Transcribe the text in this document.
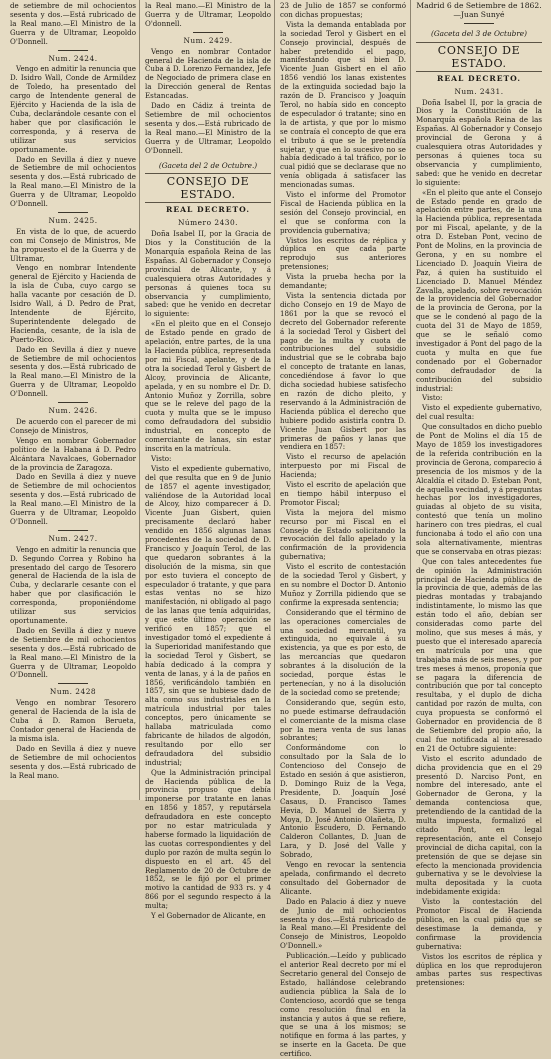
de setiembre de mil ochocientos sesenta y dos.—Está rubricado de la Real mano.—El Ministro de la Guerra y de Ultramar, Leopoldo O'Donnell.

Num. 2424.

Vengo en admitir la renuncia que D. Isidro Wall, Conde de Armildez de Toledo, ha presentado del cargo de Intendente general de Ejército y Hacienda de la isla de Cuba, declarándole cesante con el haber que por clasificación le corresponda, y á reserva de utilizar sus servicios oportunamente.

Dado en Sevilla á diez y nueve de Setiembre de mil ochocientos sesenta y dos.—Está rubricado de la Real mano.—El Ministro de la Guerra y de Ultramar, Leopoldo O'Donnell.

Num. 2425.

En vista de lo que, de acuerdo con mi Consejo de Ministros, Me ha propuesto el de la Guerra y de Ultramar,

Vengo en nombrar Intendente general de Ejército y Hacienda de la isla de Cuba, cuyo cargo se halla vacante por cesación de D. Isidro Wall, á D. Pedro de Prat, Intendente de Ejército, Superintendente delegado de Hacienda, cesante, de la isla de Puerto-Rico.

Dado en Sevilla á diez y nueve de Setiembre de mil ochocientos sesenta y dos.—Está rubricado de la Real mano.—El Ministro de la Guerra y de Ultramar, Leopoldo O'Donnell.

Num. 2426.

De acuerdo con el parecer de mi Consejo de Ministros,

Vengo en nombrar Gobernador político de la Habana á D. Pedro Alcántara Navalcaes, Gobernador de la provincia de Zaragoza.

Dado en Sevilla á diez y nueve de Setiembre de mil ochocientos sesenta y dos.—Está rubricado de la Real mano.—El Ministro de la Guerra y de Ultramar, Leopoldo O'Donnell.

Num. 2427.

Vengo en admitir la renuncia que D. Segundo Correa y Robino ha presentado del cargo de Tesorero general de Hacienda de la isla de Cuba, y declararle cesante con el haber que por clasificación le corresponda, proponiéndome utilizar sus servicios oportunamente.

Dado en Sevilla á diez y nueve de Setiembre de mil ochocientos sesenta y dos.—Está rubricado de la Real mano.—El Ministro de la Guerra y de Ultramar, Leopoldo O'Donnell.

Num. 2428

Vengo en nombrar Tesorero general de Hacienda de la isla de Cuba á D. Ramon Berueta, Contador general de Hacienda de la misma isla.

Dado en Sevilla á diez y nueve de Setiembre de mil ochocientos sesenta y dos.—Está rubricado de la Real mano.

la Real mano.—El Ministro de la Guerra y de Ultramar, Leopoldo O'donnell.

Num. 2429.

Vengo en nombrar Contador general de Hacienda de la isla de Cuba á D. Lorenzo Fernandez, Jefe de Negociado de primera clase en la Dirección general de Rentas Estancadas.

Dado en Cádiz á treinta de Setiembre de mil ochocientos sesenta y dos.—Está rubricado de la Real mano.—El Ministro de la Guerra y de Ultramar, Leopoldo O'Donnell.

(Gaceta del 2 de Octubre.)
CONSEJO DE ESTADO.
REAL DECRETO.
Número 2430.

Doña Isabel II, por la Gracia de Dios y la Constitución de la Monarquía española Reina de las Españas. Al Gobernador y Consejo provincial de Alicante, y á cualesquiera otras Autoridades y personas á quienes toca su observancia y cumplimiento, sabed: que he venido en decretar lo siguiente:

«En el pleito que en el Consejo de Estado pende en grado de apelación, entre partes, de la una la Hacienda pública, representada por mi Fiscal, apelante, y de la otra la sociedad Terol y Gisbert de Alcoy, provincia de Alicante, apelada, y en su nombre el Dr. D. Antonio Muñoz y Zorrilla, sobre que se le releve del pago de la cuota y multa que se le impuso como defraudadora del subsidio industrial, en concepto de comerciante de lanas, sin estar inscrita en la matrícula.

Visto:

Visto el expediente gubernativo, del que resulta que en 9 de Junio de 1857 el agente investigador, valiéndose de la Autoridad local de Alcoy, hizo comparecer á D. Vicente Juan Gisbert, quien precisamente declaró haber vendido en 1856 algunas lanas procedentes de la sociedad de D. Francisco y Joaquín Terol, de las que quedaron sobrantes á la disolución de la misma, sin que por esto tuviera el concepto de especulador ó tratante, y que para estas ventas no se hizo manifestación, ni obligado al pago de las lanas que tenía adquiridas, y que este último operación se verificó en 1857; que el investigador tomó el expediente á la Superioridad manifestando que la sociedad Terol y Gisbert, se había dedicado á la compra y venta de lanas, y á la de paños en 1856, verificándolo también en 1857, sin que se hubiese dado de alta como sus industriales en la matrícula industrial por tales conceptos, pero únicamente se hallaba matriculada como fabricante de hilados de algodón, resultando por ello ser defraudadora del subsidio industrial;

Que la Administración principal de Hacienda pública de la provincia propuso que debía imponerse por tratante en lanas en 1856 y 1857, y reputársela defraudadora en este concepto por no estar matriculada y haberse formado la liquidación de las cuotas correspondientes y del duplo por razón de multa según lo dispuesto en el art. 45 del Reglamento de 20 de Octubre de 1852, se le fijó por el primer motivo la cantidad de 933 rs. y 4 866 por el segundo respecto á la multa;

Y el Gobernador de Alicante, en

23 de Julio de 1857 se conformó con dichas propuestas;

Vista la demanda entablada por la sociedad Terol y Gisbert en el Consejo provincial, después de haber pretendido el pago, manifestando que si bien D. Vicente Juan Gisbert en el año 1856 vendió los lanas existentes de la extinguida sociedad bajo la razón de D. Francisco y Joaquín Terol, no había sido en concepto de especulador ó tratante; sino en la de artista, y que por lo mismo se contraía el concepto de que era el tributo á que se le pretendía sujetar, y que en lo sucesivo no se había dedicado á tal tráfico, por lo cual pidió que se declarase que no venía obligada á satisfacer las mencionadas sumas.

Visto el informe del Promotor Fiscal de Hacienda pública en la sesión del Consejo provincial, en el que se conforma con la providencia gubernativa;

Vistos los escritos de réplica y dúplica en que cada parte reprodujo sus anteriores pretensiones;

Vista la prueba hecha por la demandante;

Vista la sentencia dictada por dicho Consejo en 19 de Mayo de 1861 por la que se revocó el decreto del Gobernador referente á la sociedad Terol y Gisbert del pago de la multa y cuota de contribuciones del subsidio industrial que se le cobraba bajo el concepto de tratante en lanas, concediéndose á favor lo que dicha sociedad hubiese satisfecho en razón de dicho pleito, y reservando á la Administración de Hacienda pública el derecho que hubiere podido asistirla contra D. Vicente Juan Gisbert por las primeras de paños y lanas que vendiera en 1857:

Visto el recurso de apelación interpuesto por mi Fiscal de Hacienda;

Visto el escrito de apelación que en tiempo hábil interpuso el Promotor Fiscal;

Vista la mejora del mismo recurso por mi Fiscal en el Consejo de Estado solicitando la revocación del fallo apelado y la confirmación de la providencia gubernativa;

Visto el escrito de contestación de la sociedad Terol y Gisbert, y en su nombre el Doctor D. Antonio Muñoz y Zorrilla pidiendo que se confirme la expresada sentencia;

Considerando que el término de las operaciones comerciales de una sociedad mercantil, ya extinguida, no equivale á su existencia, ya que es por esto, de las mercancías que quedaron sobrantes á la disolución de la sociedad, porque éstas le pertenecían, y no á la disolución de la sociedad como se pretende;

Considerando que, según esto, no puede estimarse defraudación el comerciante de la misma clase por la mera venta de sus lanas sobrantes;

Conformándome con lo consultado por la Sala de lo Contencioso del Consejo de Estado en sesión á que asistieron, D. Domingo Ruiz de la Vega, Presidente, D. Joaquín José Casaus, D. Francisco Tames Hevia, D. Manuel de Sierra y Moya, D. José Antonio Olañeta, D. Antonio Escudero, D. Fernando Calderon Collantes, D. Juan de Lara, y D. José del Valle y Sobrado,

Vengo en revocar la sentencia apelada, confirmando el decreto consultado del Gobernador de Alicante.

Dado en Palacio á diez y nueve de Junio de mil ochocientos sesenta y dos.—Está rubricado de la Real mano.—El Presidente del Consejo de Ministros, Leopoldo O'Donnell.»

Publicación.—Leído y publicado el anterior Real decreto por mí el Secretario general del Consejo de Estado, hallándose celebrando audiencia pública la Sala de lo Contencioso, acordó que se tenga como resolución final en la instancia y autos á que se refiere, que se una á los mismos; se notifique en forma á las partes, y se inserte en la Gaceta. De que certifico.

Madrid 6 de Setiembre de 1862.—Juan Sunyé
(Gaceta del 3 de Octubre)
CONSEJO DE ESTADO.
REAL DECRETO.
Num. 2431.

Doña Isabel II, por la gracia de Dios y la Constitución de la Monarquía española Reina de las Españas. Al Gobernador y Consejo provincial de Gerona y á cualesquiera otras Autoridades y personas á quienes toca su observancia y cumplimiento, sabed: que he venido en decretar lo siguiente:

«En el pleito que ante el Consejo de Estado pende en grado de apelación entre partes, de la una la Hacienda pública, representada por mi Fiscal, apelante, y de la otra D. Esteban Pont, vecino de Pont de Molins, en la provincia de Gerona, y en su nombre el Licenciado D. Joaquín Vieira de Paz, á quien ha sustituido el Licenciado D. Manuel Méndez Zavalla, apelado, sobre revocación de la providencia del Gobernador de la provincia de Gerona, por la que se le condenó al pago de la cuota del 31 de Mayo de 1859, que se le señaló como investigador á Pont del pago de la cuota y multa en que fue condenado por el Gobernador como defraudador de la contribución del subsidio industrial:

Visto:

Visto el expediente gubernativo, del cual resulta:

Que consultados en dicho pueblo de Pont de Molins el día 15 de Mayo de 1859 los investigadores de la referida contribución en la provincia de Gerona, comparecio á presencia de los mismos y de la Alcaldía el citado D. Esteban Pont, de aquella vecindad, y á preguntas hechas por los investigadores, guiadas al objeto de su visita, contestó que tenía un molino harinero con tres piedras, el cual funcionaba á todo el año con una sola alternativamente, mientras que se conservaba en otras piezas:

Que con tales antecedentes fue de opinión la Administración principal de Hacienda pública de la provincia de que, además de las piedras montadas y trabajando indistintamente, lo mismo las que están todo el año, debían ser consideradas como parte del molino, que sus meses á más, y puesto que el interesado aparecía en matrícula por una que trabajaba más de seis meses, y por tres meses á menos, proponía que se pagara la diferencia de contribución que por tal concepto resultaba, y el duplo de dicha cantidad por razón de multa, con cuya propuesta se conformó el Gobernador en providencia de 8 de Setiembre del propio año, la cual fue notificada al interesado en 21 de Octubre siguiente:

Visto el escrito adundado de dicha providencia que en el 29 presentó D. Narciso Pont, en nombre del interesado, ante el Gobernador de Gerona, y la demanda contenciosa que, pretendiendo de la cantidad de la multa impuesta, formalizó el citado Pont, en legal representación, ante el Consejo provincial de dicha capital, con la pretensión de que se dejase sin efecto la mencionada providencia gubernativa y se le devolviese la multa depositada y la cuota indebidamente exigida:

Visto la contestación del Promotor Fiscal de Hacienda pública, en la cual pidió que se desestimase la demanda, y confirmase la providencia gubernativa:

Vistos los escritos de réplica y dúplica en los que reprodujeron ambas partes sus respectivas pretensiones:
